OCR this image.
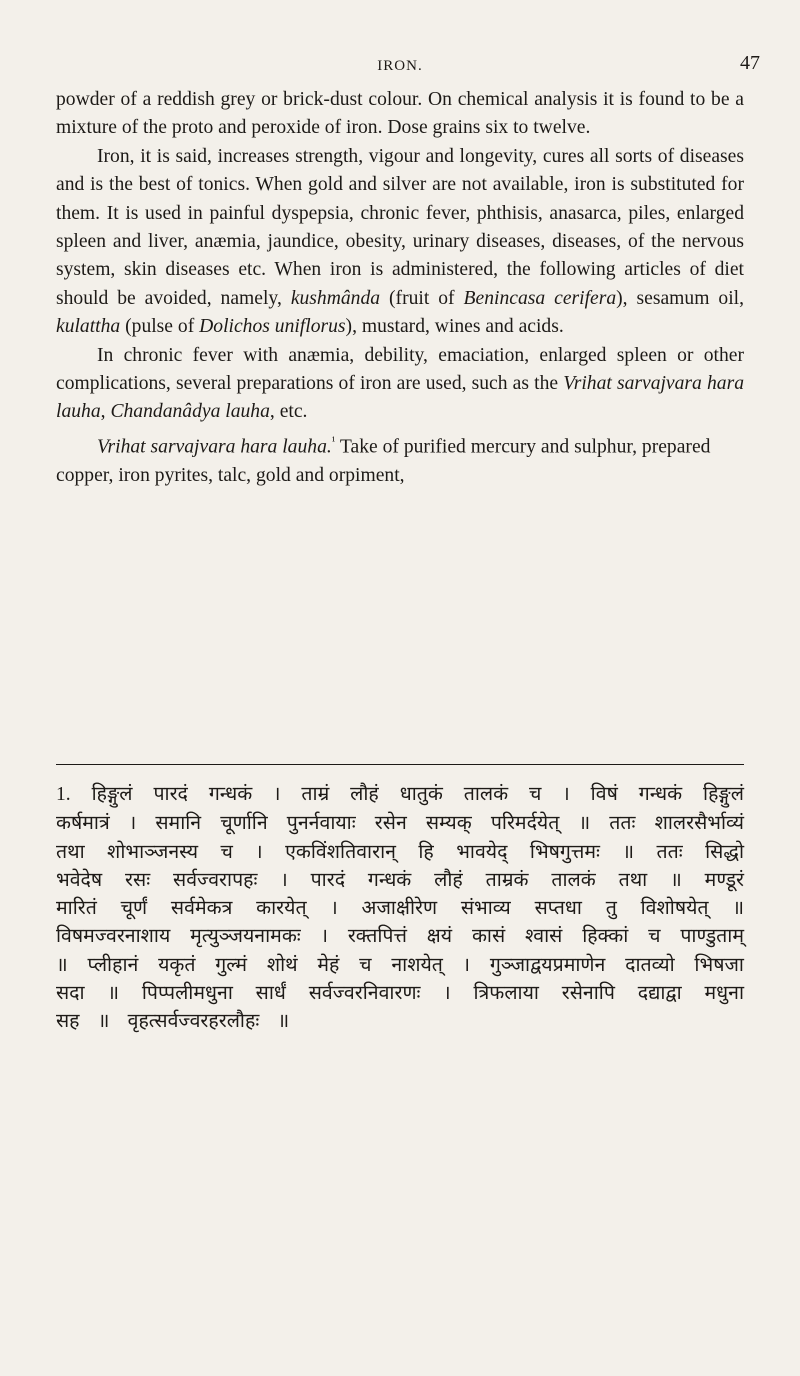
IRON.	47

powder of a reddish grey or brick-dust colour. On chemical analysis it is found to be a mixture of the proto and peroxide of iron. Dose grains six to twelve.

Iron, it is said, increases strength, vigour and longevity, cures all sorts of diseases and is the best of tonics. When gold and silver are not available, iron is substituted for them. It is used in painful dyspepsia, chronic fever, phthisis, anasarca, piles, enlarged spleen and liver, anæmia, jaundice, obesity, urinary diseases, diseases, of the nervous system, skin diseases etc. When iron is administered, the following articles of diet should be avoided, namely, kushmânda (fruit of Benincasa cerifera), sesamum oil, kulattha (pulse of Dolichos uniflorus), mustard, wines and acids.

In chronic fever with anæmia, debility, emaciation, enlarged spleen or other complications, several preparations of iron are used, such as the Vrihat sarvajvara hara lauha, Chandanâdya lauha, etc.

Vrihat sarvajvara hara lauha.$^{^1}$ Take of purified mercury and sulphur, prepared copper, iron pyrites, talc, gold and orpiment,

1. हिङ्गुलं पारदं गन्धकं । ताम्रं लौहं धातुकं तालकं च । विषं गन्धकं हिङ्गुलं कर्षमात्रं । समानि चूर्णानि पुनर्नवायाः रसेन सम्यक् परिमर्दयेत् ॥ ततः शालरसैर्भाव्यं तथा शोभाञ्जनस्य च । एकविंशतिवारान् हि भावयेद् भिषगुत्तमः ॥ ततः सिद्धो भवेदेष रसः सर्वज्वरापहः । पारदं गन्धकं लौहं ताम्रकं तालकं तथा ॥ मण्डूरं मारितं चूर्णं सर्वमेकत्र कारयेत् । अजाक्षीरेण संभाव्य सप्तधा तु विशोषयेत् ॥ विषमज्वरनाशाय मृत्युञ्जयनामकः । रक्तपित्तं क्षयं कासं श्वासं हिक्कां च पाण्डुताम् ॥ प्लीहानं यकृतं गुल्मं शोथं मेहं च नाशयेत् । गुञ्जाद्वयप्रमाणेन दातव्यो भिषजा सदा ॥ पिप्पलीमधुना सार्धं सर्वज्वरनिवारणः । त्रिफलाया रसेनापि दद्याद्वा मधुना सह ॥ वृहत्सर्वज्वरहरलौहः ॥
